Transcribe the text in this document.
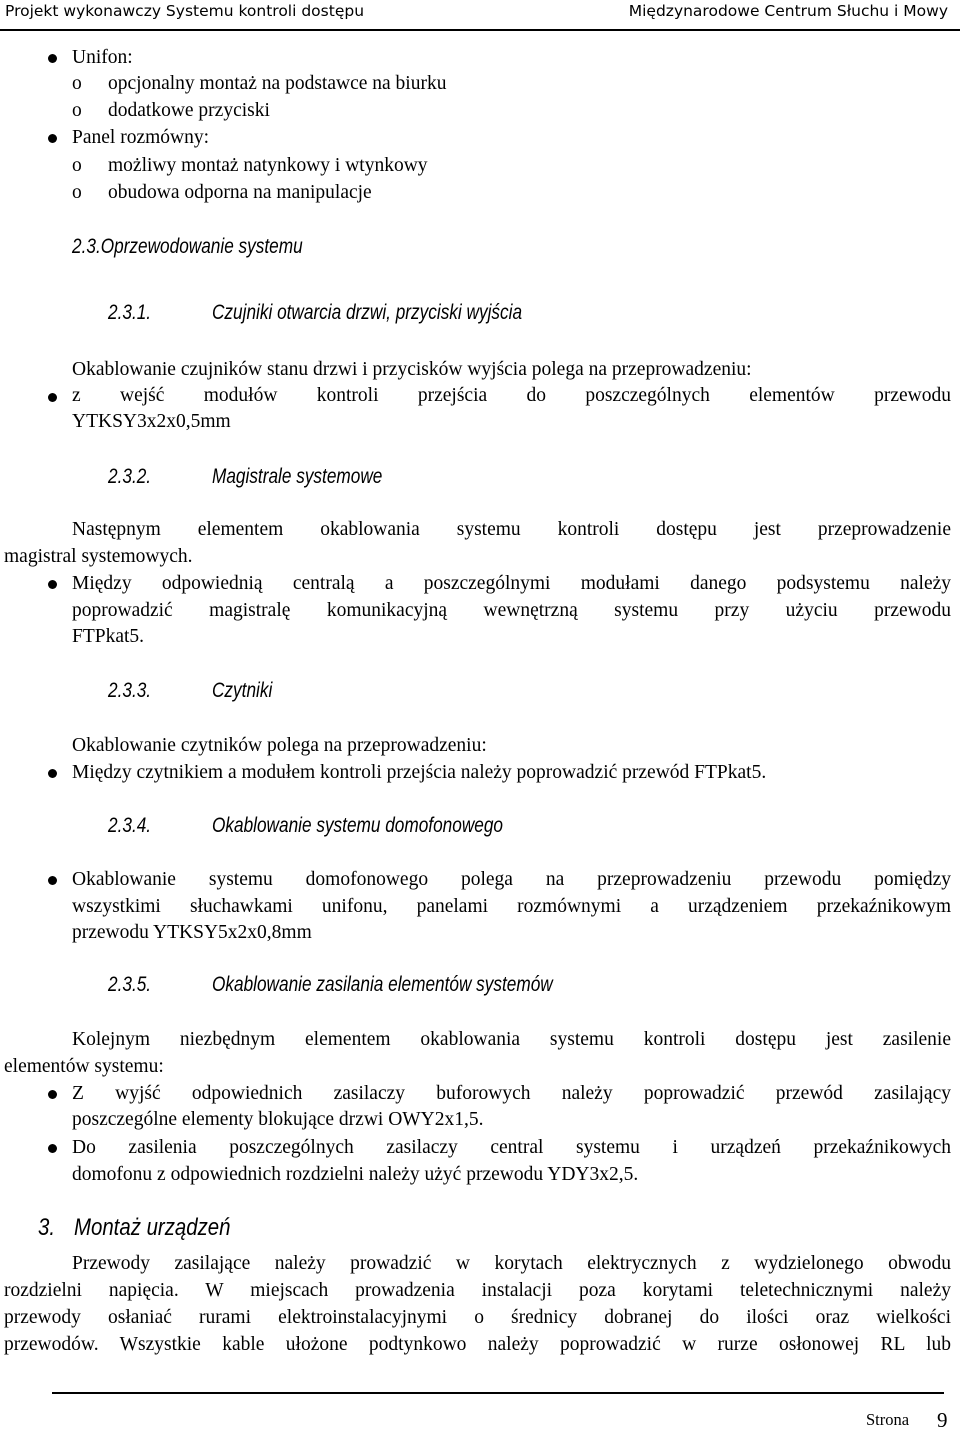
Projekt wykonawczy Systemu kontroli dostępu	Międzynarodowe Centrum Słuchu i Mowy
Unifon:
o opcjonalny montaż na podstawce na biurku
o dodatkowe przyciski
Panel rozmówny:
o możliwy montaż natynkowy i wtynkowy
o obudowa odporna na manipulacje
2.3.Oprzewodowanie systemu
2.3.1.	Czujniki otwarcia drzwi, przyciski wyjścia
Okablowanie czujników stanu drzwi i przycisków wyjścia polega na przeprowadzeniu:
z wejść modułów kontroli przejścia do poszczególnych elementów przewodu
YTKSY3x2x0,5mm
2.3.2.	Magistrale systemowe
Następnym elementem okablowania systemu kontroli dostępu jest przeprowadzenie
magistral systemowych.
Między odpowiednią centralą a poszczególnymi modułami danego podsystemu należy
poprowadzić magistralę komunikacyjną wewnętrzną systemu przy użyciu przewodu
FTPkat5.
2.3.3.	Czytniki
Okablowanie czytników polega na przeprowadzeniu:
Między czytnikiem a modułem kontroli przejścia należy poprowadzić przewód FTPkat5.
2.3.4.	Okablowanie systemu domofonowego
Okablowanie systemu domofonowego polega na przeprowadzeniu przewodu pomiędzy
wszystkimi słuchawkami unifonu, panelami rozmównymi a urządzeniem przekaźnikowym
przewodu YTKSY5x2x0,8mm
2.3.5.	Okablowanie zasilania elementów systemów
Kolejnym niezbędnym elementem okablowania systemu kontroli dostępu jest zasilenie
elementów systemu:
Z wyjść odpowiednich zasilaczy buforowych należy poprowadzić przewód zasilający
poszczególne elementy blokujące drzwi OWY2x1,5.
Do zasilenia poszczególnych zasilaczy central systemu i urządzeń przekaźnikowych
domofonu z odpowiednich rozdzielni należy użyć przewodu YDY3x2,5.
3. Montaż urządzeń
Przewody zasilające należy prowadzić w korytach elektrycznych z wydzielonego obwodu
rozdzielni napięcia. W miejscach prowadzenia instalacji poza korytami teletechnicznymi należy
przewody osłaniać rurami elektroinstalacyjnymi o średnicy dobranej do ilości oraz wielkości
przewodów. Wszystkie kable ułożone podtynkowo należy poprowadzić w rurze osłonowej RL lub
Strona 9
